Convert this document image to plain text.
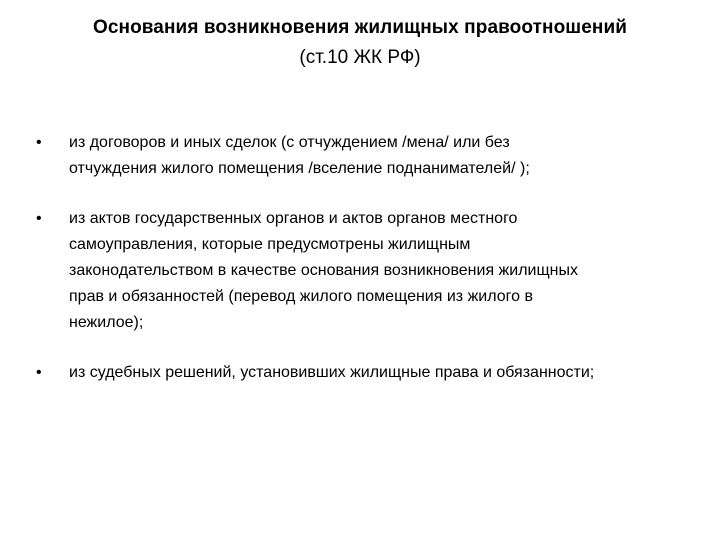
Основания возникновения жилищных правоотношений
(ст.10 ЖК РФ)
• из договоров и иных сделок (с отчуждением /мена/ или без
отчуждения жилого помещения /вселение поднанимателей/ );
• из актов государственных органов и актов органов местного
самоуправления, которые предусмотрены жилищным
законодательством в качестве основания возникновения жилищных
прав и обязанностей (перевод жилого помещения из жилого в
нежилое);
• из судебных решений, установивших жилищные права и обязанности;
